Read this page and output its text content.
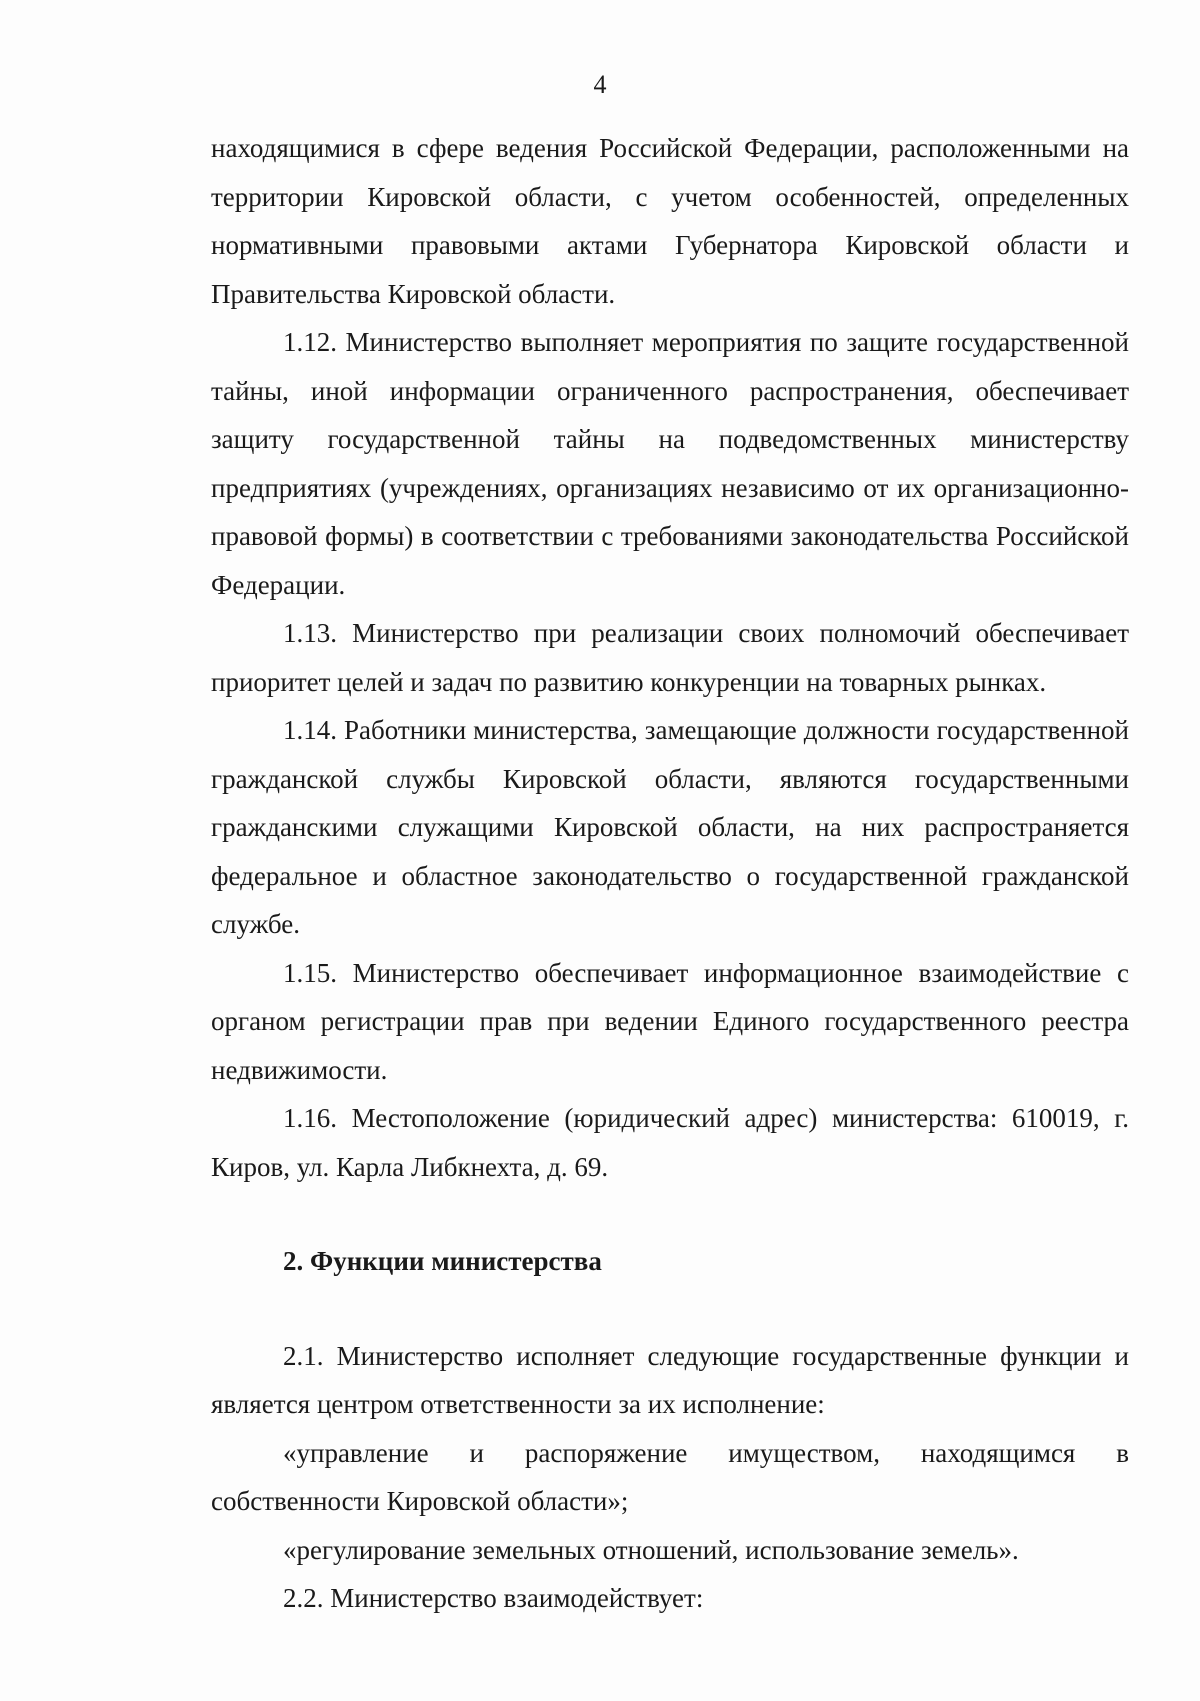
4

находящимися в сфере ведения Российской Федерации, расположенными на территории Кировской области, с учетом особенностей, определенных нормативными правовыми актами Губернатора Кировской области и Правительства Кировской области.

1.12. Министерство выполняет мероприятия по защите государственной тайны, иной информации ограниченного распространения, обеспечивает защиту государственной тайны на подведомственных министерству предприятиях (учреждениях, организациях независимо от их организационно-правовой формы) в соответствии с требованиями законодательства Российской Федерации.

1.13. Министерство при реализации своих полномочий обеспечивает приоритет целей и задач по развитию конкуренции на товарных рынках.

1.14. Работники министерства, замещающие должности государственной гражданской службы Кировской области, являются государственными гражданскими служащими Кировской области, на них распространяется федеральное и областное законодательство о государственной гражданской службе.

1.15. Министерство обеспечивает информационное взаимодействие с органом регистрации прав при ведении Единого государственного реестра недвижимости.

1.16. Местоположение (юридический адрес) министерства: 610019, г. Киров, ул. Карла Либкнехта, д. 69.

2. Функции министерства

2.1. Министерство исполняет следующие государственные функции и является центром ответственности за их исполнение:

«управление и распоряжение имуществом, находящимся в собственности Кировской области»;

«регулирование земельных отношений, использование земель».

2.2. Министерство взаимодействует:
